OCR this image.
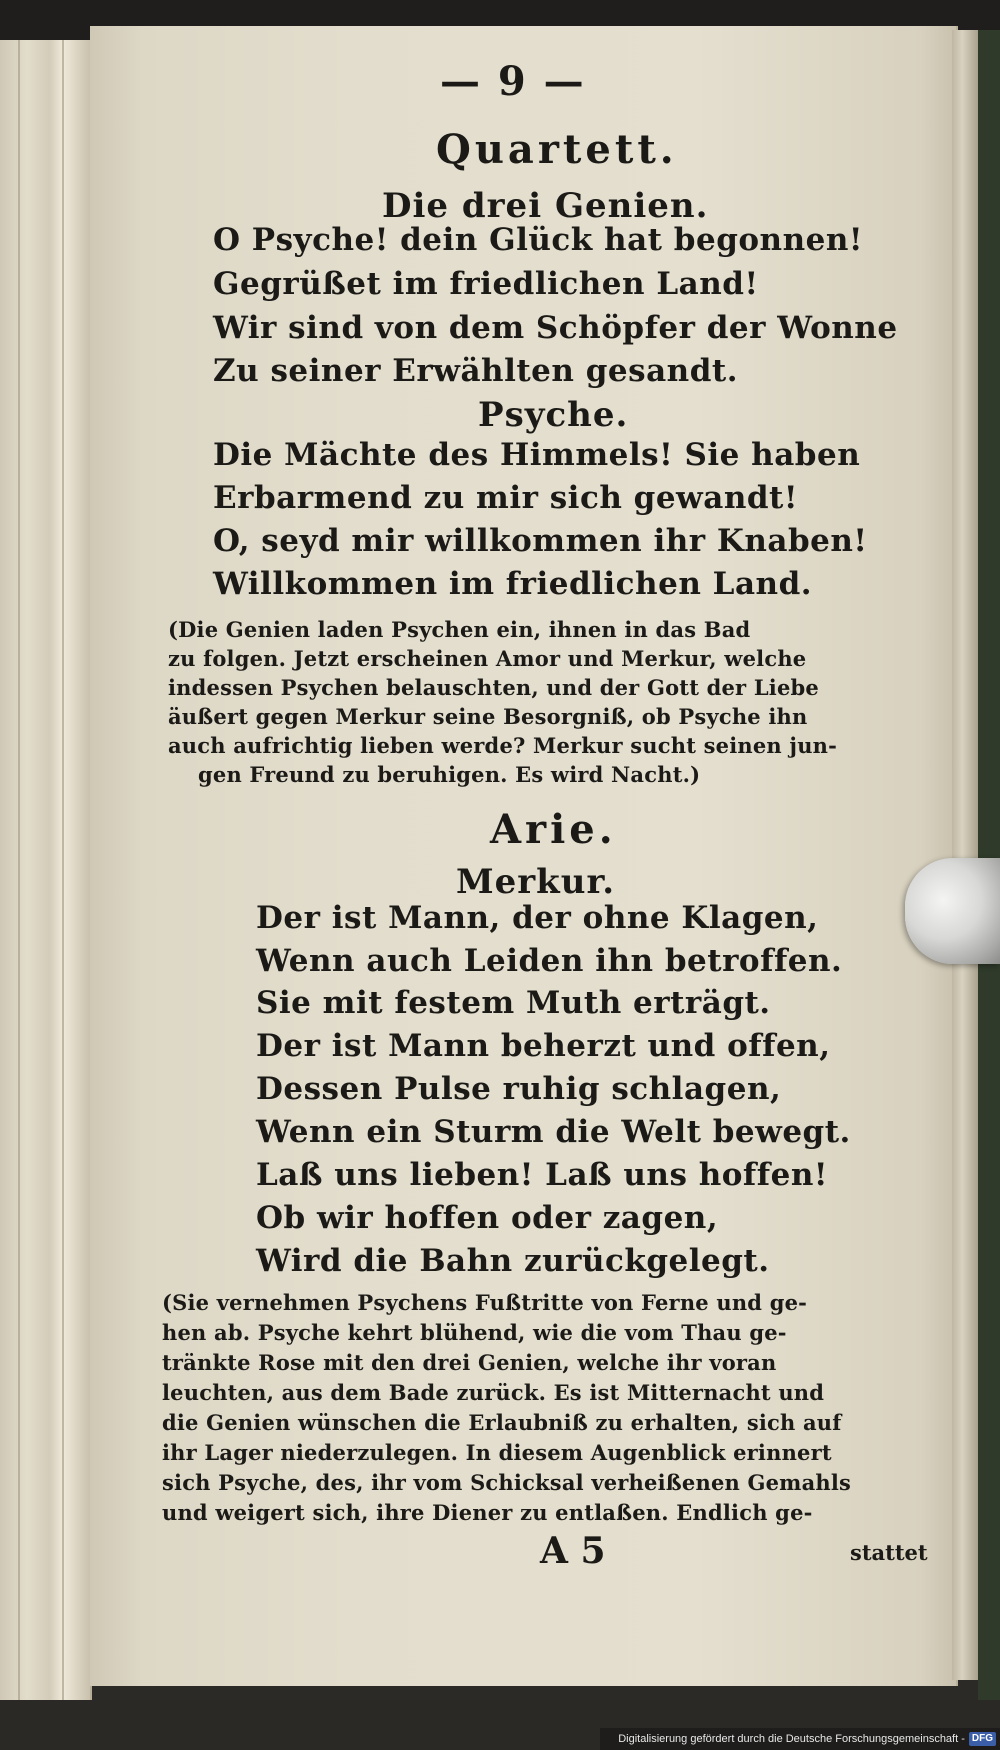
— 9 —
Quartett.
Die drei Genien.
O Psyche! dein Glück hat begonnen!
Gegrüßet im friedlichen Land!
Wir sind von dem Schöpfer der Wonne
Zu seiner Erwählten gesandt.
Psyche.
Die Mächte des Himmels! Sie haben
Erbarmend zu mir sich gewandt!
O, seyd mir willkommen ihr Knaben!
Willkommen im friedlichen Land.
(Die Genien laden Psychen ein, ihnen in das Bad
zu folgen. Jetzt erscheinen Amor und Merkur, welche
indessen Psychen belauschten, und der Gott der Liebe
äußert gegen Merkur seine Besorgniß, ob Psyche ihn
auch aufrichtig lieben werde? Merkur sucht seinen jun-
gen Freund zu beruhigen. Es wird Nacht.)
Arie.
Merkur.
Der ist Mann, der ohne Klagen,
Wenn auch Leiden ihn betroffen.
Sie mit festem Muth erträgt.
Der ist Mann beherzt und offen,
Dessen Pulse ruhig schlagen,
Wenn ein Sturm die Welt bewegt.
Laß uns lieben! Laß uns hoffen!
Ob wir hoffen oder zagen,
Wird die Bahn zurückgelegt.
(Sie vernehmen Psychens Fußtritte von Ferne und ge-
hen ab. Psyche kehrt blühend, wie die vom Thau ge-
tränkte Rose mit den drei Genien, welche ihr voran
leuchten, aus dem Bade zurück. Es ist Mitternacht und
die Genien wünschen die Erlaubniß zu erhalten, sich auf
ihr Lager niederzulegen. In diesem Augenblick erinnert
sich Psyche, des, ihr vom Schicksal verheißenen Gemahls
und weigert sich, ihre Diener zu entlaßen. Endlich ge-
A 5	stattet
Digitalisierung gefördert durch die Deutsche Forschungsgemeinschaft - DFG
